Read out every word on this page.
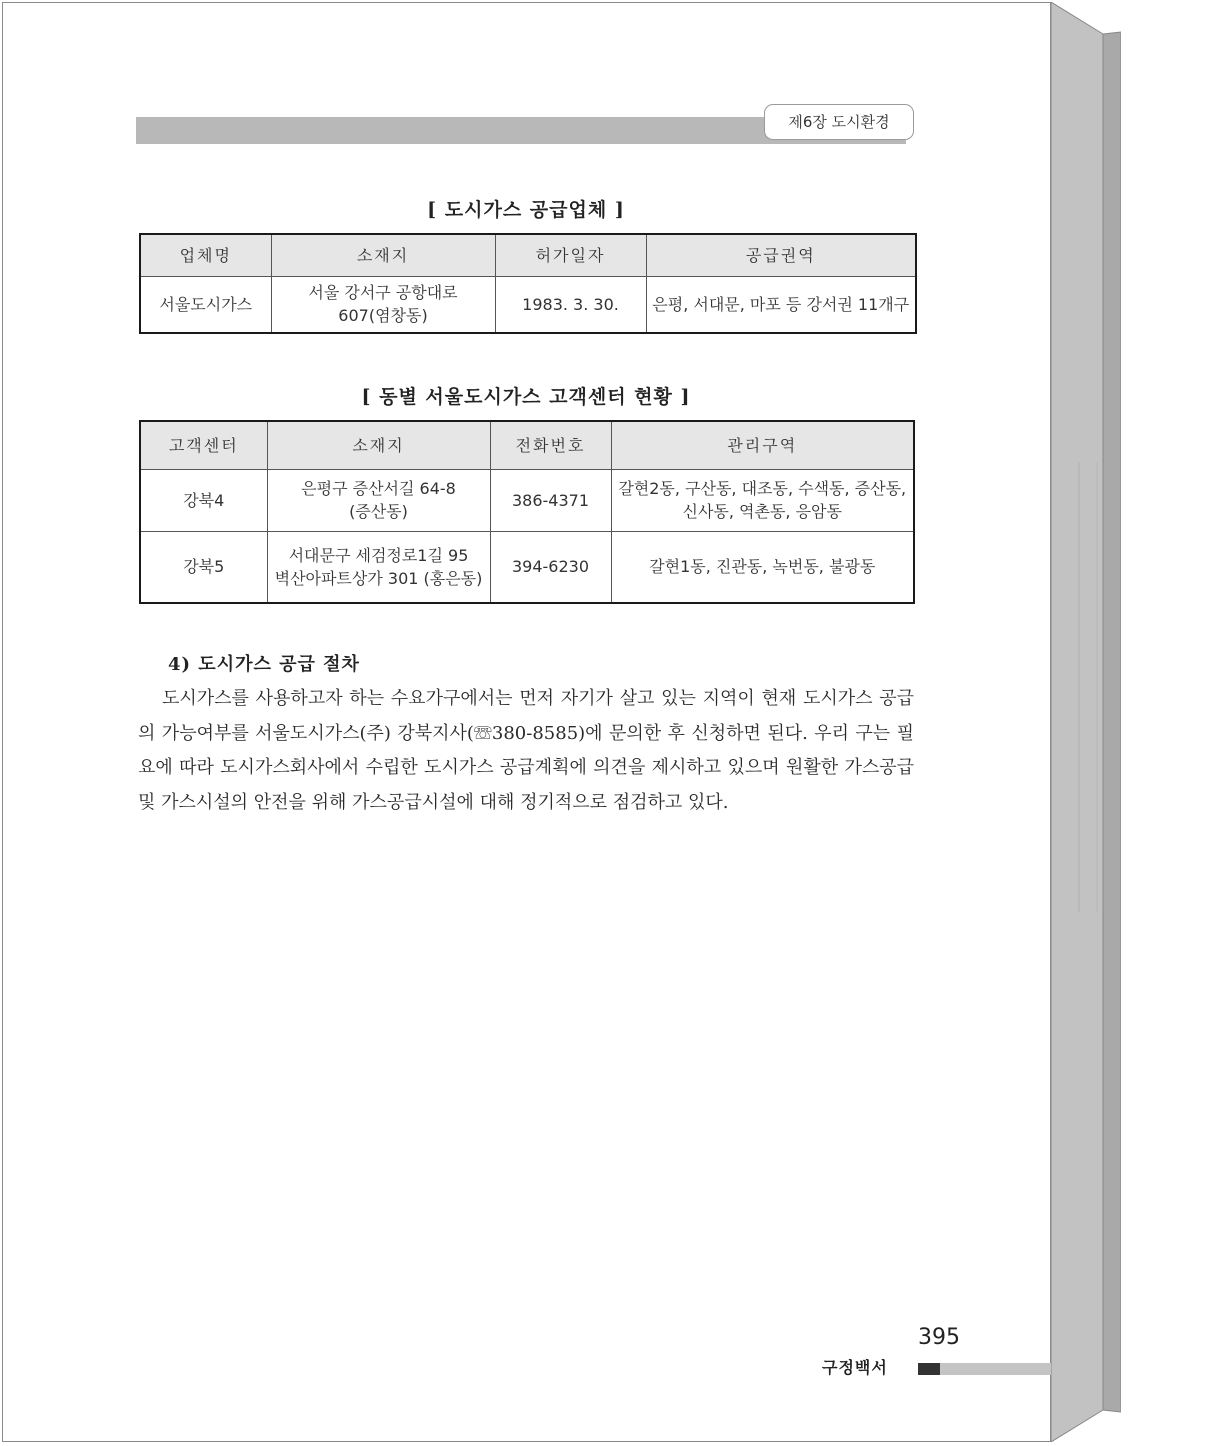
제6장 도시환경
[ 도시가스 공급업체 ]
업체명	소재지	허가일자	공급권역
서울도시가스	서울 강서구 공항대로 607(염창동)	1983. 3. 30.	은평, 서대문, 마포 등 강서권 11개구
[ 동별 서울도시가스 고객센터 현황 ]
고객센터	소재지	전화번호	관리구역
강북4	은평구 증산서길 64-8 (증산동)	386-4371	갈현2동, 구산동, 대조동, 수색동, 증산동, 신사동, 역촌동, 응암동
강북5	서대문구 세검정로1길 95 벽산아파트상가 301 (홍은동)	394-6230	갈현1동, 진관동, 녹번동, 불광동
4) 도시가스 공급 절차

도시가스를 사용하고자 하는 수요가구에서는 먼저 자기가 살고 있는 지역이 현재 도시가스 공급의 가능여부를 서울도시가스(주) 강북지사(☏380-8585)에 문의한 후 신청하면 된다. 우리 구는 필요에 따라 도시가스회사에서 수립한 도시가스 공급계획에 의견을 제시하고 있으며 원활한 가스공급 및 가스시설의 안전을 위해 가스공급시설에 대해 정기적으로 점검하고 있다.

395
구정백서
